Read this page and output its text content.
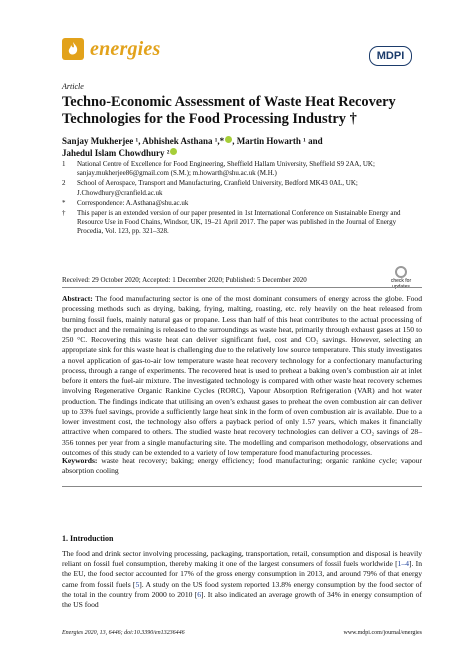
energies	MDPI
Article
Techno-Economic Assessment of Waste Heat Recovery Technologies for the Food Processing Industry †
Sanjay Mukherjee ¹, Abhishek Asthana ¹,* , Martin Howarth ¹ and
Jahedul Islam Chowdhury ²
1	National Centre of Excellence for Food Engineering, Sheffield Hallam University, Sheffield S9 2AA, UK; sanjay.mukherjee86@gmail.com (S.M.); m.howarth@shu.ac.uk (M.H.)
2	School of Aerospace, Transport and Manufacturing, Cranfield University, Bedford MK43 0AL, UK; J.Chowdhury@cranfield.ac.uk
*	Correspondence: A.Asthana@shu.ac.uk
†	This paper is an extended version of our paper presented in 1st International Conference on Sustainable Energy and Resource Use in Food Chains, Windsor, UK, 19–21 April 2017. The paper was published in the Journal of Energy Procedia, Vol. 123, pp. 321–328.
Received: 29 October 2020; Accepted: 1 December 2020; Published: 5 December 2020	check for updates
Abstract: The food manufacturing sector is one of the most dominant consumers of energy across the globe. Food processing methods such as drying, baking, frying, malting, roasting, etc. rely heavily on the heat released from burning fossil fuels, mainly natural gas or propane. Less than half of this heat contributes to the actual processing of the product and the remaining is released to the surroundings as waste heat, primarily through exhaust gases at 150 to 250 °C. Recovering this waste heat can deliver significant fuel, cost and CO₂ savings. However, selecting an appropriate sink for this waste heat is challenging due to the relatively low source temperature. This study investigates a novel application of gas-to-air low temperature waste heat recovery technology for a confectionary manufacturing process, through a range of experiments. The recovered heat is used to preheat a baking oven’s combustion air at inlet before it enters the fuel-air mixture. The investigated technology is compared with other waste heat recovery schemes involving Regenerative Organic Rankine Cycles (RORC), Vapour Absorption Refrigeration (VAR) and hot water production. The findings indicate that utilising an oven’s exhaust gases to preheat the oven combustion air can deliver up to 33% fuel savings, provide a sufficiently large heat sink in the form of oven combustion air is available. Due to a lower investment cost, the technology also offers a payback period of only 1.57 years, which makes it financially attractive when compared to others. The studied waste heat recovery technologies can deliver a CO₂ savings of 28–356 tonnes per year from a single manufacturing site. The modelling and comparison methodology, observations and outcomes of this study can be extended to a variety of low temperature food manufacturing processes.
Keywords: waste heat recovery; baking; energy efficiency; food manufacturing; organic rankine cycle; vapour absorption cooling
1. Introduction
The food and drink sector involving processing, packaging, transportation, retail, consumption and disposal is heavily reliant on fossil fuel consumption, thereby making it one of the largest consumers of fossil fuels worldwide [1–4]. In the EU, the food sector accounted for 17% of the gross energy consumption in 2013, and around 79% of that energy came from fossil fuels [5]. A study on the US food system reported 13.8% energy consumption by the food sector of the total in the country from 2000 to 2010 [6]. It also indicated an average growth of 34% in energy consumption of the US food
Energies 2020, 13, 6446; doi:10.3390/en13236446	www.mdpi.com/journal/energies
